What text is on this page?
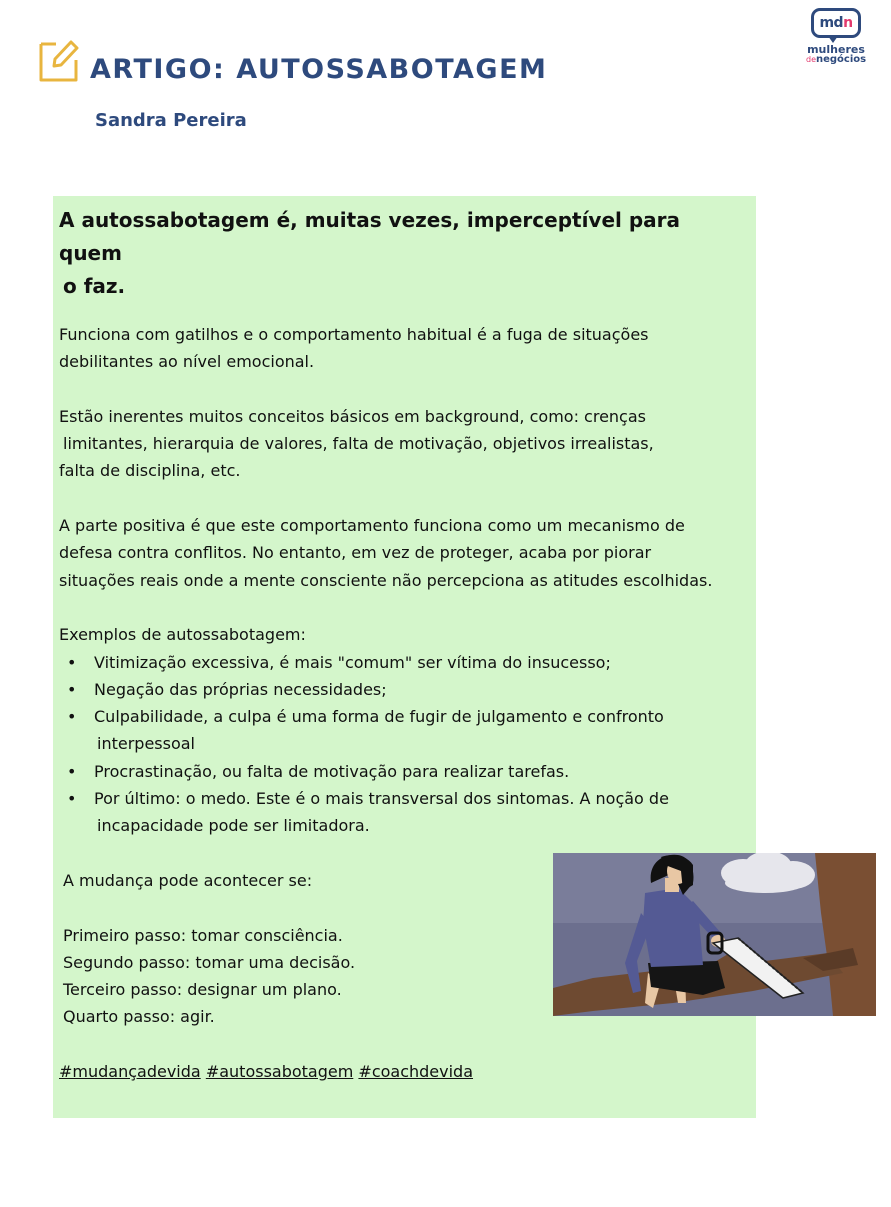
ARTIGO: AUTOSSABOTAGEM
Sandra Pereira
mdn
mulheres
denegócios
A autossabotagem é, muitas vezes, imperceptível para quem
o faz.

Funciona com gatilhos e o comportamento habitual é a fuga de situações
debilitantes ao nível emocional.

Estão inerentes muitos conceitos básicos em background, como: crenças
limitantes, hierarquia de valores, falta de motivação, objetivos irrealistas,
falta de disciplina, etc.

A parte positiva é que este comportamento funciona como um mecanismo de
defesa contra conflitos. No entanto, em vez de proteger, acaba por piorar
situações reais onde a mente consciente não percepciona as atitudes escolhidas.

Exemplos de autossabotagem:
• Vitimização excessiva, é mais "comum" ser vítima do insucesso;
• Negação das próprias necessidades;
• Culpabilidade, a culpa é uma forma de fugir de julgamento e confronto
interpessoal
• Procrastinação, ou falta de motivação para realizar tarefas.
• Por último: o medo. Este é o mais transversal dos sintomas. A noção de
incapacidade pode ser limitadora.
A mudança pode acontecer se:
Primeiro passo: tomar consciência.
Segundo passo: tomar uma decisão.
Terceiro passo: designar um plano.
Quarto passo: agir.

#mudançadevida #autossabotagem #coachdevida
